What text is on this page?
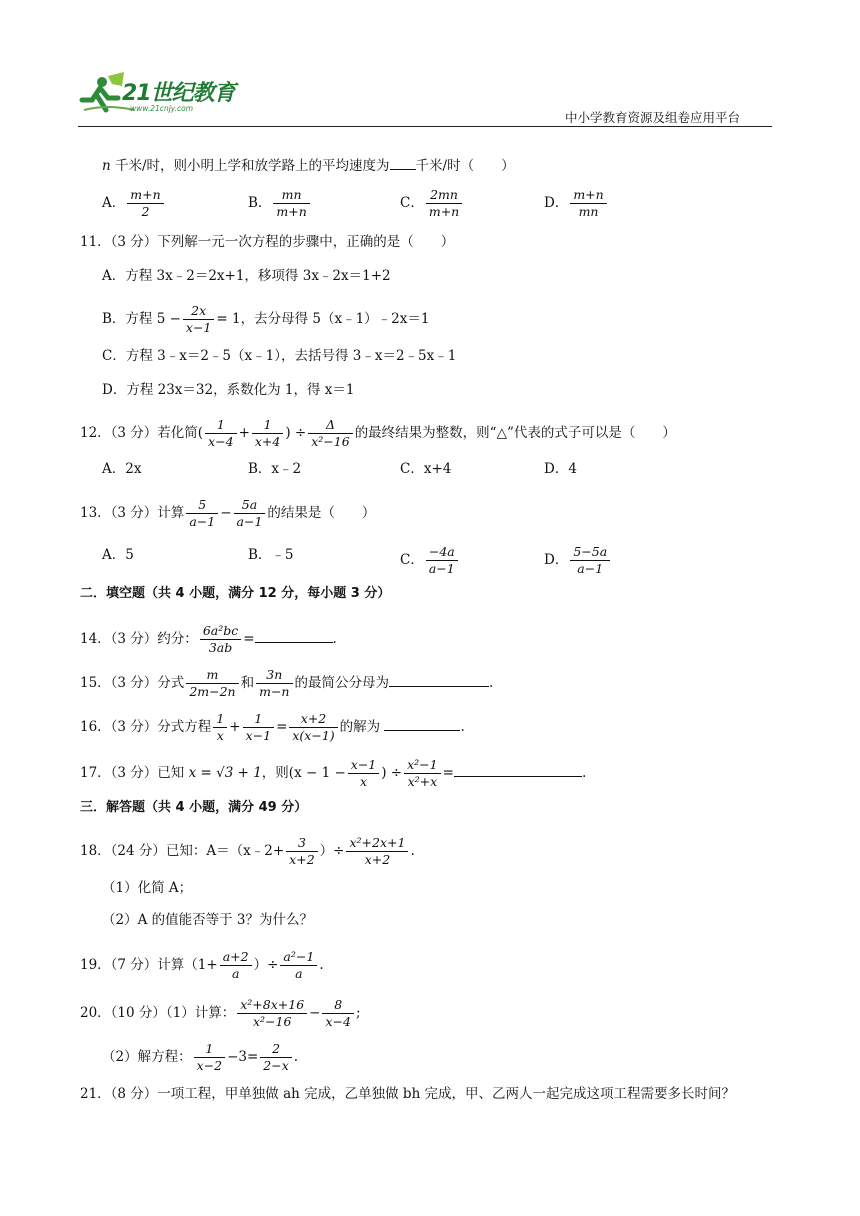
21世纪教育
www.21cnjy.com
中小学教育资源及组卷应用平台
n 千米/时，则小明上学和放学路上的平均速度为 千米/时（　　）
A． $\frac{m+n}{2}$	B． $\frac{mn}{m+n}$	C． $\frac{2mn}{m+n}$	D． $\frac{m+n}{mn}$
11．（3 分）下列解一元一次方程的步骤中，正确的是（　　）
A．方程 3x﹣2＝2x+1，移项得 3x﹣2x＝1+2
B．方程 $5 - \frac{2x}{x-1} = 1$，去分母得 5（x﹣1）﹣2x＝1
C．方程 3﹣x＝2﹣5（x﹣1），去括号得 3﹣x＝2﹣5x﹣1
D．方程 23x＝32，系数化为 1，得 x＝1
12．（3 分）若化简( $\frac{1}{x-4} + \frac{1}{x+4}$ ) ÷ $\frac{\Delta}{\text{x²−16}}$ 的最终结果为整数，则“△”代表的式子可以是（　　）
A．2x	B．x﹣2	C．x+4	D．4
13．（3 分）计算 $\frac{5}{a-1} - \frac{5a}{a-1}$ 的结果是（　　）
A．5	B．﹣5	C． $\frac{-4a}{a-1}$	D． $\frac{5-5a}{a-1}$
二．填空题（共 4 小题，满分 12 分，每小题 3 分）
14．（3 分）约分： $\frac{\text{6a²bc}}{3ab}$ =	.
15．（3 分）分式 $\frac{m}{2m-2n}$ 和 $\frac{3n}{m-n}$ 的最简公分母为	.
16．（3 分）分式方程 $\frac{1}{x} + \frac{1}{x-1} = \frac{x+2}{x(x-1)}$ 的解为	.
17．（3 分）已知 x = √3 + 1，则($x - 1 - \frac{x-1}{x}$ ) ÷ $\frac{\text{x²−1}}{\text{x²+x}}$ =	.
三．解答题（共 4 小题，满分 49 分）
18．（24 分）已知：A＝（x﹣2+ $\frac{3}{x+2}$ ）÷ $\frac{\text{x²+2x+1}}{x+2}$ .
（1）化简 A；
（2）A 的值能否等于 3？为什么？
19．（7 分）计算（$1+ \frac{a+2}{a}$ ）÷ $\frac{\text{a²−1}}{a}$ .
20．（10 分）（1）计算： $\frac{\text{x²+8x+16}}{\text{x²−16}} - \frac{8}{x-4}$ ;
（2）解方程： $\frac{1}{x-2} -3= \frac{2}{2-x}$ .
21．（8 分）一项工程，甲单独做 ah 完成，乙单独做 bh 完成，甲、乙两人一起完成这项工程需要多长时间？
